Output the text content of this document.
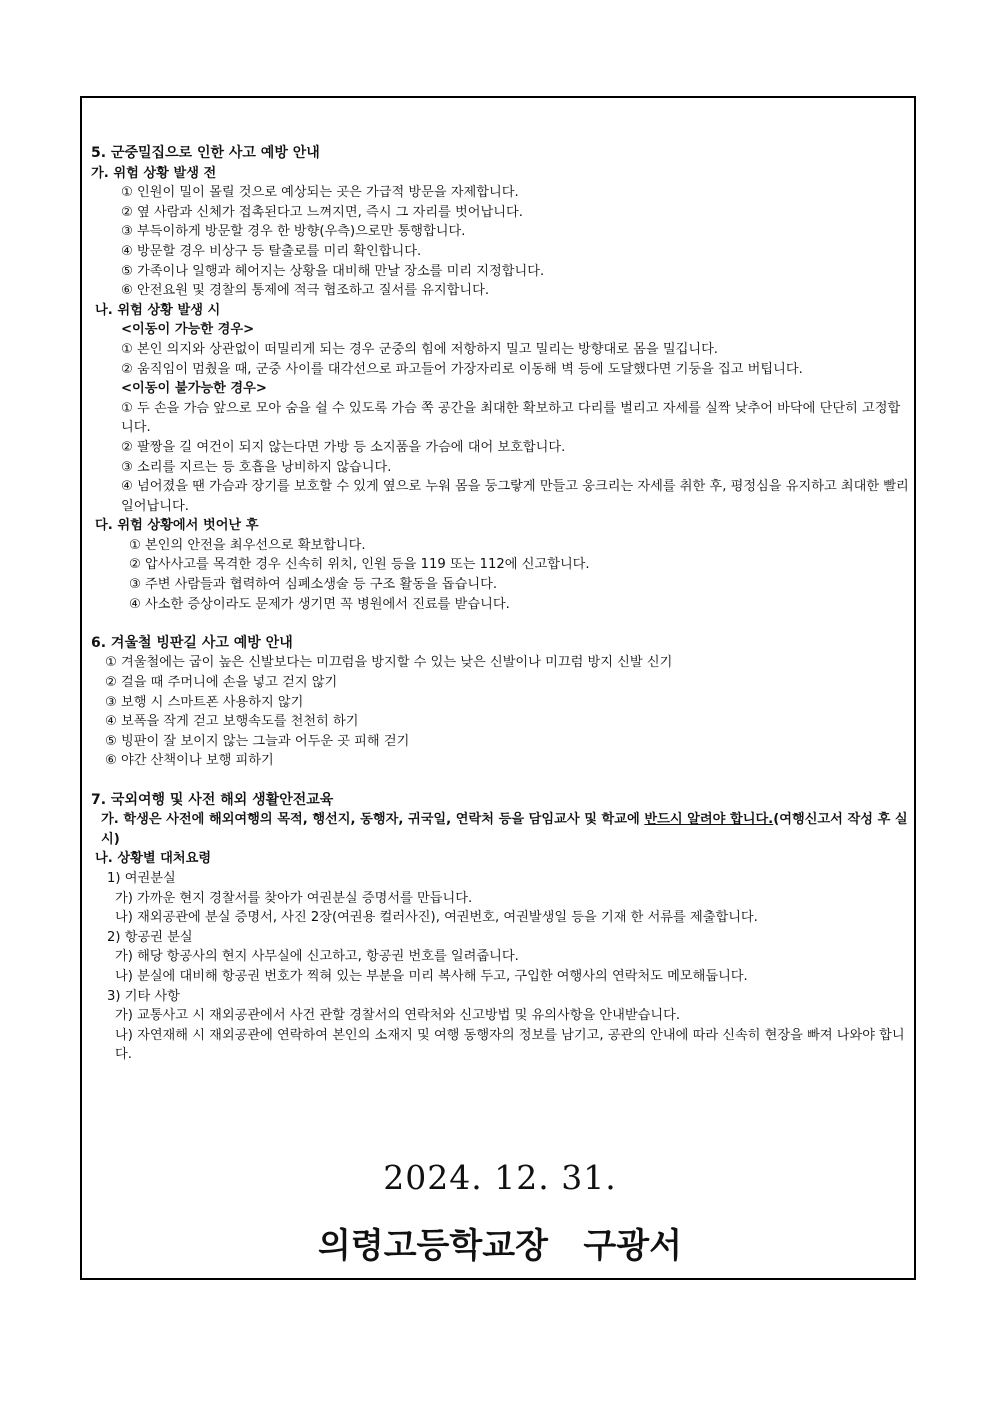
5. 군중밀집으로 인한 사고 예방 안내
가. 위험 상황 발생 전
① 인원이 밀이 몰릴 것으로 예상되는 곳은 가급적 방문을 자제합니다.
② 옆 사람과 신체가 접촉된다고 느껴지면, 즉시 그 자리를 벗어납니다.
③ 부득이하게 방문할 경우 한 방향(우측)으로만 통행합니다.
④ 방문할 경우 비상구 등 탈출로를 미리 확인합니다.
⑤ 가족이나 일행과 헤어지는 상황을 대비해 만날 장소를 미리 지정합니다.
⑥ 안전요원 및 경찰의 통제에 적극 협조하고 질서를 유지합니다.
나. 위험 상황 발생 시
<이동이 가능한 경우>
① 본인 의지와 상관없이 떠밀리게 되는 경우 군중의 힘에 저항하지 밀고 밀리는 방향대로 몸을 밀깁니다.
② 움직임이 멈췄을 때, 군중 사이를 대각선으로 파고들어 가장자리로 이동해 벽 등에 도달했다면 기둥을 집고 버팁니다.
<이동이 불가능한 경우>
① 두 손을 가슴 앞으로 모아 숨을 쉴 수 있도록 가슴 쪽 공간을 최대한 확보하고 다리를 벌리고 자세를 실짝 낮추어 바닥에 단단히 고정합니다.
② 팔짱을 길 여건이 되지 않는다면 가방 등 소지품을 가슴에 대어 보호합니다.
③ 소리를 지르는 등 호흡을 낭비하지 않습니다.
④ 넘어졌을 땐 가슴과 장기를 보호할 수 있게 옆으로 누워 몸을 둥그랗게 만들고 웅크리는 자세를 취한 후, 평정심을 유지하고 최대한 빨리 일어납니다.
다. 위험 상황에서 벗어난 후
① 본인의 안전을 최우선으로 확보합니다.
② 압사사고를 목격한 경우 신속히 위치, 인원 등을 119 또는 112에 신고합니다.
③ 주변 사람들과 협력하여 심폐소생술 등 구조 활동을 돕습니다.
④ 사소한 증상이라도 문제가 생기면 꼭 병원에서 진료를 받습니다.
6. 겨울철 빙판길 사고 예방 안내
① 겨울철에는 굽이 높은 신발보다는 미끄럼을 방지할 수 있는 낮은 신발이나 미끄럼 방지 신발 신기
② 걸을 때 주머니에 손을 넣고 걷지 않기
③ 보행 시 스마트폰 사용하지 않기
④ 보폭을 작게 걷고 보행속도를 천천히 하기
⑤ 빙판이 잘 보이지 않는 그늘과 어두운 곳 피해 걷기
⑥ 야간 산책이나 보행 피하기
7. 국외여행 및 사전 해외 생활안전교육
가. 학생은 사전에 해외여행의 목적, 행선지, 동행자, 귀국일, 연락처 등을 담임교사 및 학교에 반드시 알려야 합니다.(여행신고서 작성 후 실시)
나. 상황별 대처요령
1) 여권분실
가) 가까운 현지 경찰서를 찾아가 여권분실 증명서를 만듭니다.
나) 재외공관에 분실 증명서, 사진 2장(여권용 컬러사진), 여권번호, 여권발생일 등을 기재 한 서류를 제출합니다.
2) 항공권 분실
가) 해당 항공사의 현지 사무실에 신고하고, 항공권 번호를 일려줍니다.
나) 분실에 대비해 항공권 번호가 찍혀 있는 부분을 미리 복사해 두고, 구입한 여행사의 연락처도 메모해둡니다.
3) 기타 사항
가) 교통사고 시 재외공관에서 사건 관할 경찰서의 연락처와 신고방법 및 유의사항을 안내받습니다.
나) 자연재해 시 재외공관에 연락하여 본인의 소재지 및 여행 동행자의 정보를 남기고, 공관의 안내에 따라 신속히 현장을 빠져 나와야 합니다.
2024. 12. 31.
의령고등학교장   구광서
